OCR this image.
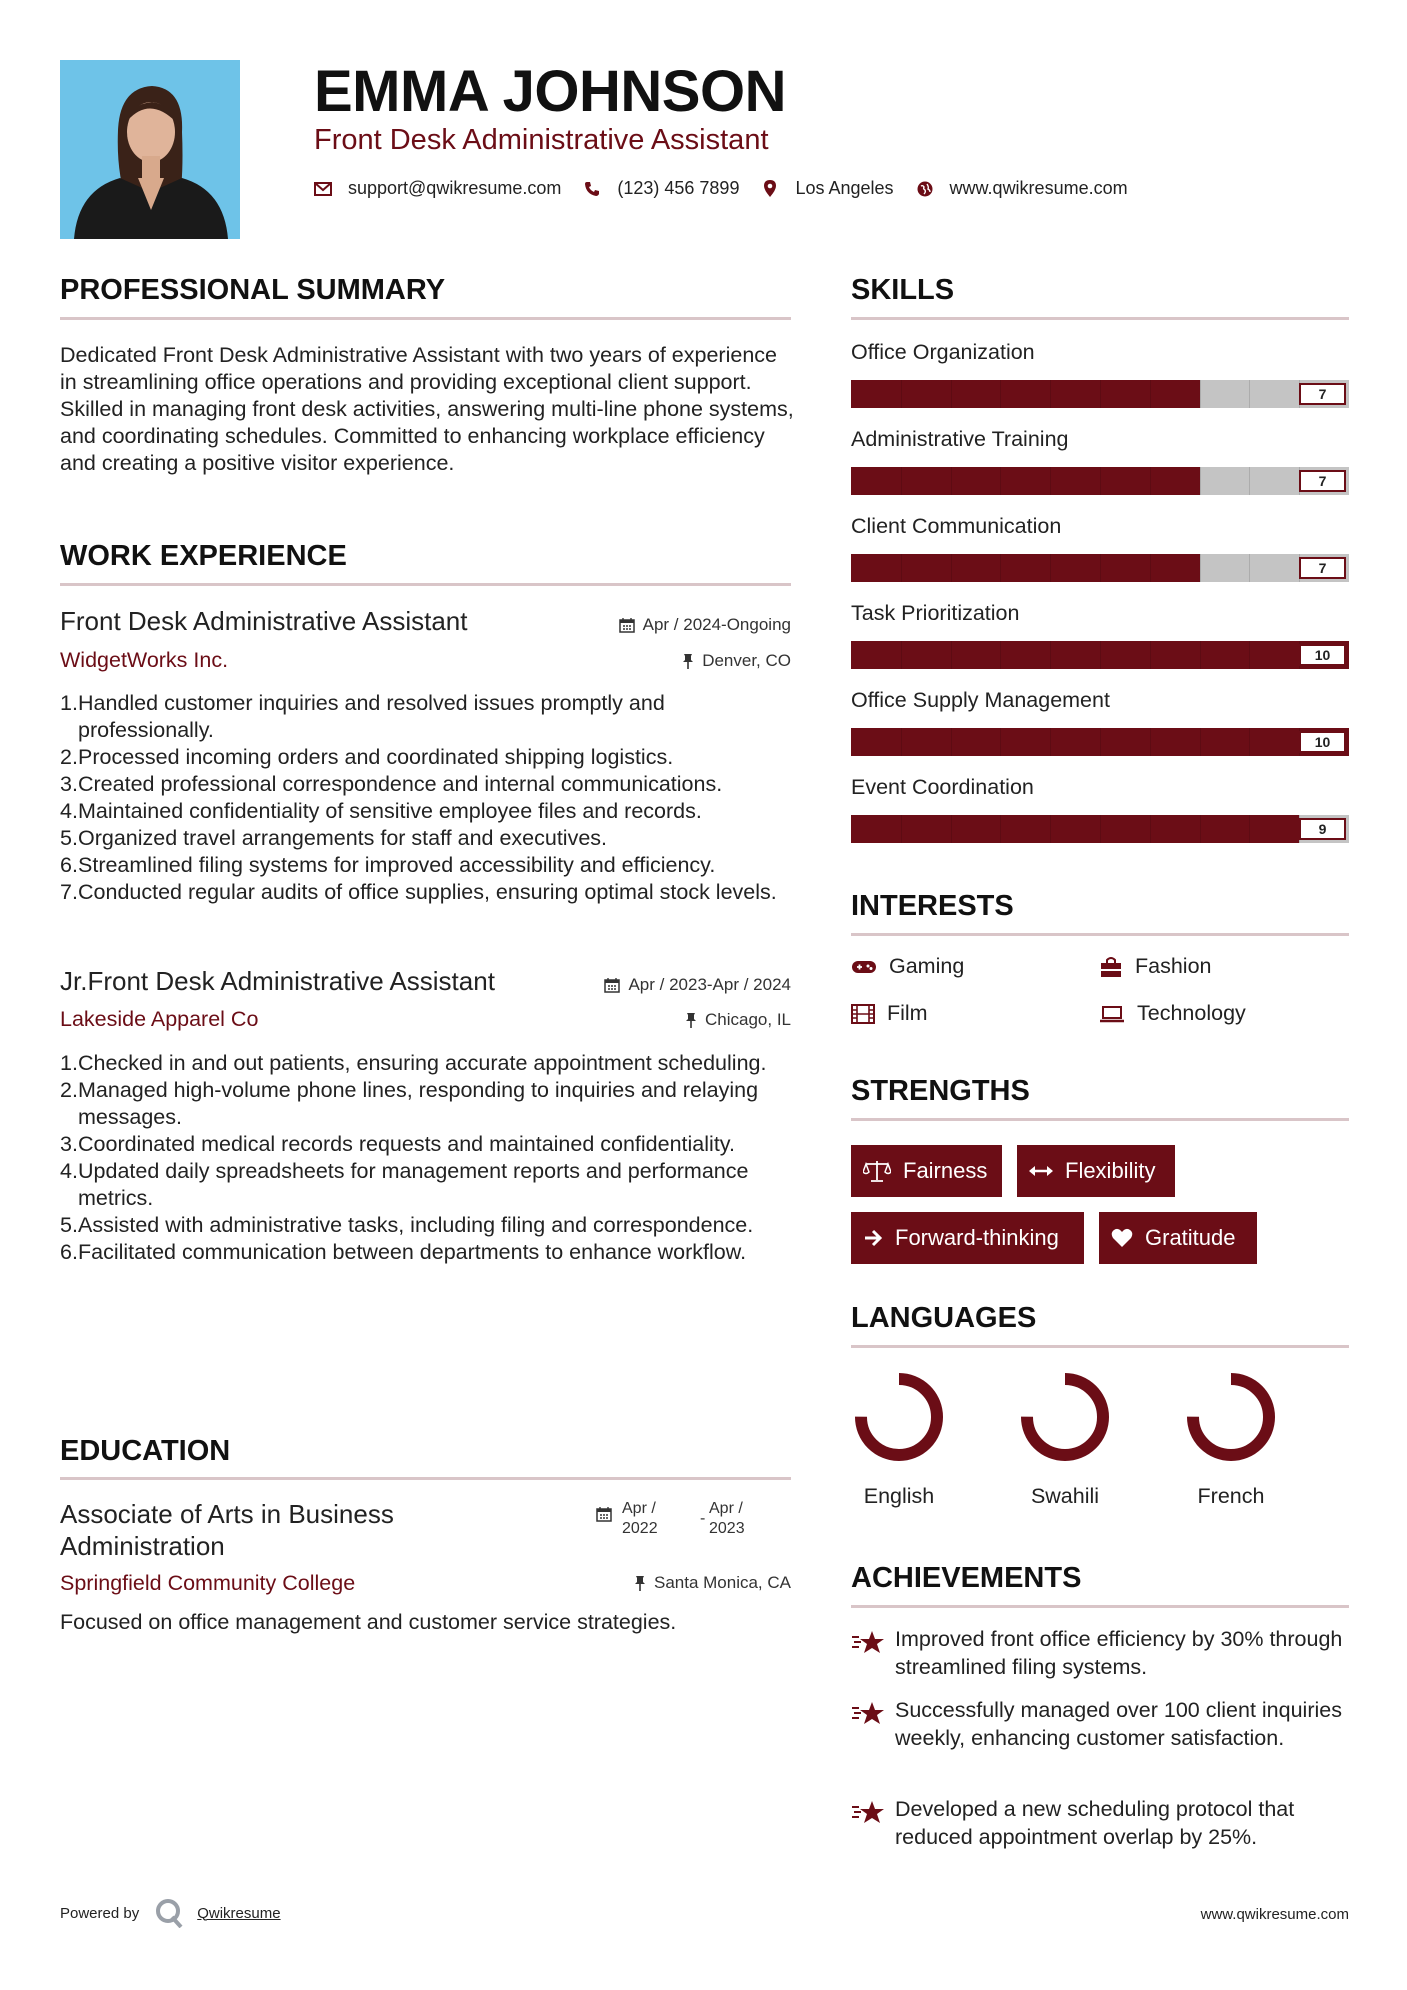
EMMA JOHNSON
Front Desk Administrative Assistant
support@qwikresume.com	(123) 456 7899	Los Angeles	www.qwikresume.com
PROFESSIONAL SUMMARY
Dedicated Front Desk Administrative Assistant with two years of experience in streamlining office operations and providing exceptional client support. Skilled in managing front desk activities, answering multi-line phone systems, and coordinating schedules. Committed to enhancing workplace efficiency and creating a positive visitor experience.
WORK EXPERIENCE
Front Desk Administrative Assistant	Apr / 2024-Ongoing
WidgetWorks Inc.	Denver, CO
1. Handled customer inquiries and resolved issues promptly and professionally.
2. Processed incoming orders and coordinated shipping logistics.
3. Created professional correspondence and internal communications.
4. Maintained confidentiality of sensitive employee files and records.
5. Organized travel arrangements for staff and executives.
6. Streamlined filing systems for improved accessibility and efficiency.
7. Conducted regular audits of office supplies, ensuring optimal stock levels.
Jr.Front Desk Administrative Assistant	Apr / 2023-Apr / 2024
Lakeside Apparel Co	Chicago, IL
1. Checked in and out patients, ensuring accurate appointment scheduling.
2. Managed high-volume phone lines, responding to inquiries and relaying messages.
3. Coordinated medical records requests and maintained confidentiality.
4. Updated daily spreadsheets for management reports and performance metrics.
5. Assisted with administrative tasks, including filing and correspondence.
6. Facilitated communication between departments to enhance workflow.
EDUCATION
Associate of Arts in Business
Administration
Apr /
2022
-
Apr /
2023
Springfield Community College	Santa Monica, CA
Focused on office management and customer service strategies.
SKILLS
Office Organization
7
Administrative Training
7
Client Communication
7
Task Prioritization
10
Office Supply Management
10
Event Coordination
9
INTERESTS
Gaming	Fashion
Film	Technology
STRENGTHS
Fairness	Flexibility
Forward-thinking	Gratitude
LANGUAGES
English	Swahili	French
ACHIEVEMENTS
Improved front office efficiency by 30% through streamlined filing systems.
Successfully managed over 100 client inquiries weekly, enhancing customer satisfaction.
Developed a new scheduling protocol that reduced appointment overlap by 25%.
Powered by	Qwikresume	www.qwikresume.com
